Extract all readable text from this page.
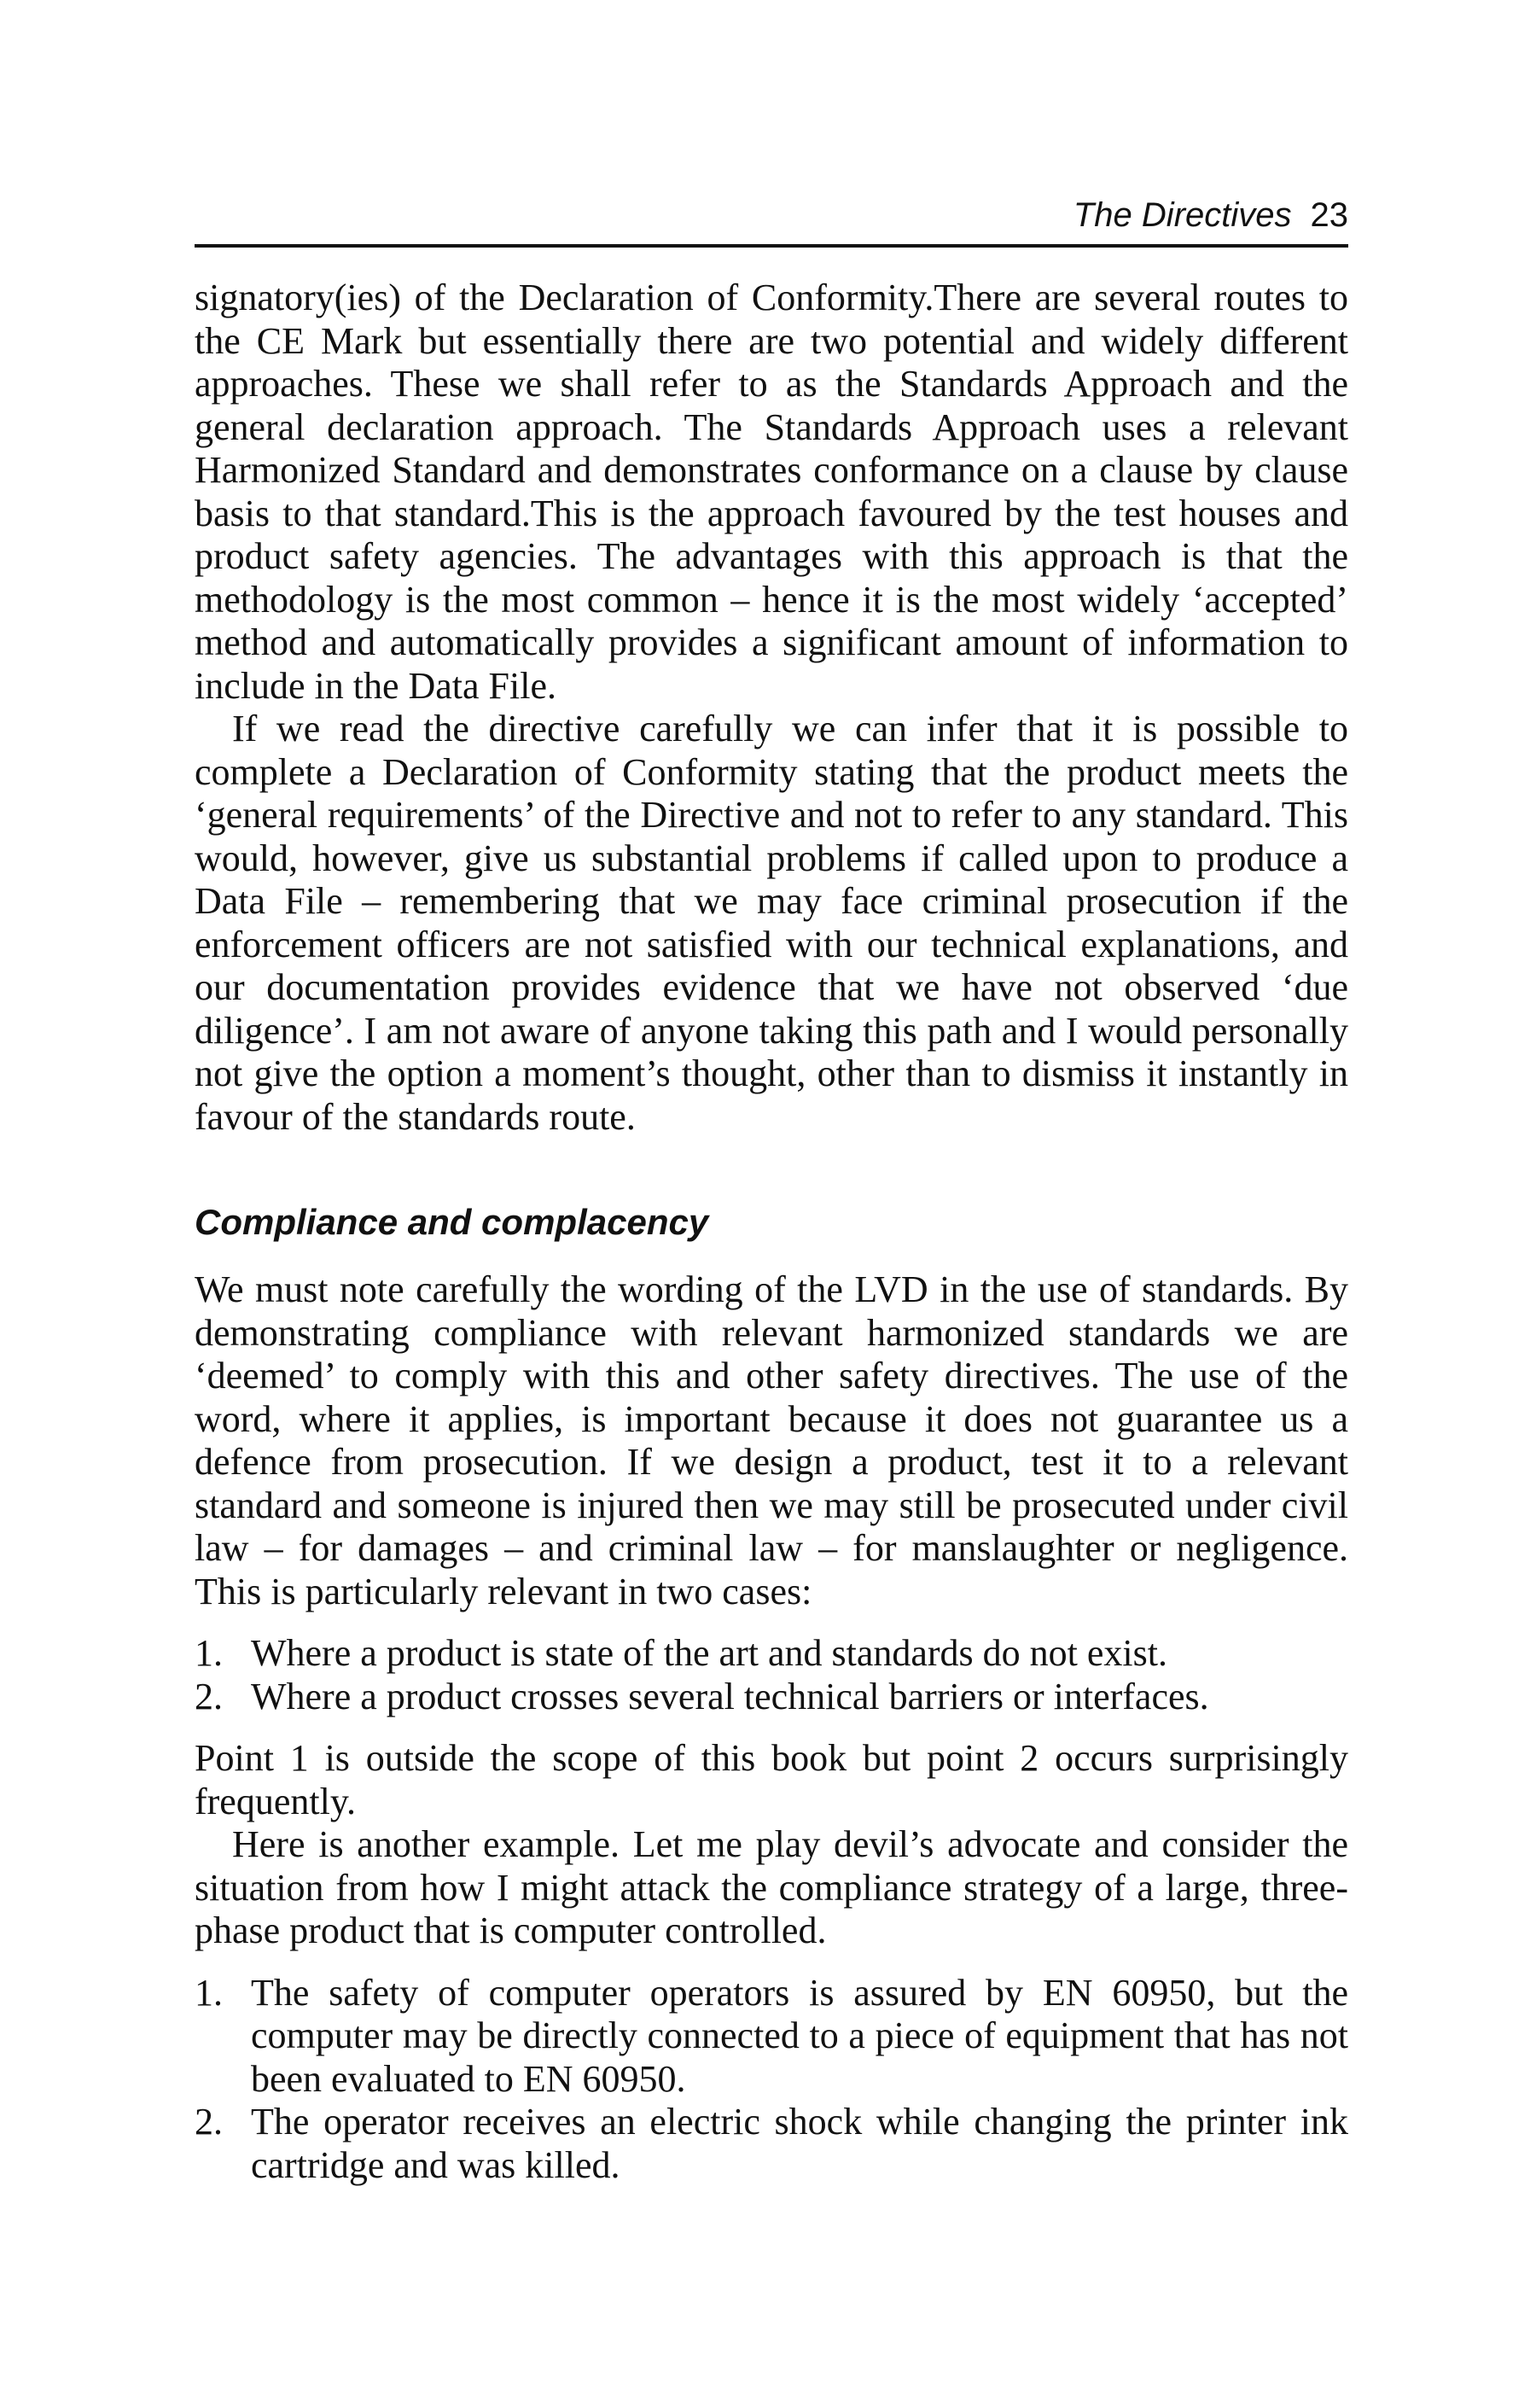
The Directives 23

signatory(ies) of the Declaration of Conformity.There are several routes to the CE Mark but essentially there are two potential and widely different approaches. These we shall refer to as the Standards Approach and the general declaration approach. The Standards Approach uses a relevant Harmonized Standard and demonstrates conformance on a clause by clause basis to that standard.This is the approach favoured by the test houses and product safety agencies. The advantages with this approach is that the methodology is the most common – hence it is the most widely ‘accepted’ method and automatically provides a significant amount of information to include in the Data File.

If we read the directive carefully we can infer that it is possible to complete a Declaration of Conformity stating that the product meets the ‘general requirements’ of the Directive and not to refer to any standard. This would, however, give us substantial problems if called upon to produce a Data File – remembering that we may face criminal prosecution if the enforcement officers are not satisfied with our technical explanations, and our documentation provides evidence that we have not observed ‘due diligence’. I am not aware of anyone taking this path and I would personally not give the option a moment’s thought, other than to dismiss it instantly in favour of the standards route.

Compliance and complacency

We must note carefully the wording of the LVD in the use of standards. By demonstrating compliance with relevant harmonized standards we are ‘deemed’ to comply with this and other safety directives. The use of the word, where it applies, is important because it does not guarantee us a defence from prosecution. If we design a product, test it to a relevant standard and someone is injured then we may still be prosecuted under civil law – for damages – and criminal law – for manslaughter or negligence. This is particularly relevant in two cases:

1. Where a product is state of the art and standards do not exist.
2. Where a product crosses several technical barriers or interfaces.

Point 1 is outside the scope of this book but point 2 occurs surprisingly frequently.

Here is another example. Let me play devil’s advocate and consider the situation from how I might attack the compliance strategy of a large, three-phase product that is computer controlled.

1. The safety of computer operators is assured by EN 60950, but the computer may be directly connected to a piece of equipment that has not been evaluated to EN 60950.
2. The operator receives an electric shock while changing the printer ink cartridge and was killed.
